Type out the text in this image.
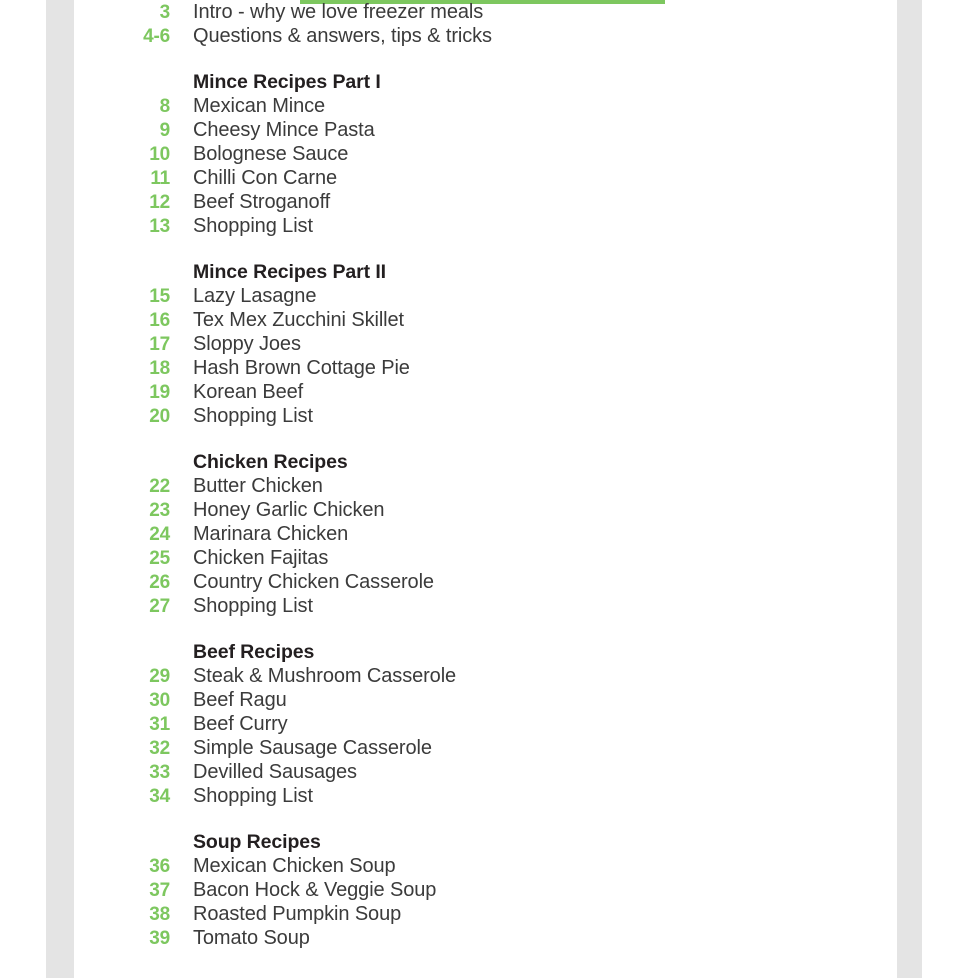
3	Intro - why we love freezer meals
4-6	Questions & answers, tips & tricks
Mince Recipes Part I
8	Mexican Mince
9	Cheesy Mince Pasta
10	Bolognese Sauce
11	Chilli Con Carne
12	Beef Stroganoff
13	Shopping List
Mince Recipes Part II
15	Lazy Lasagne
16	Tex Mex Zucchini Skillet
17	Sloppy Joes
18	Hash Brown Cottage Pie
19	Korean Beef
20	Shopping List
Chicken Recipes
22	Butter Chicken
23	Honey Garlic Chicken
24	Marinara Chicken
25	Chicken Fajitas
26	Country Chicken Casserole
27	Shopping List
Beef Recipes
29	Steak & Mushroom Casserole
30	Beef Ragu
31	Beef Curry
32	Simple Sausage Casserole
33	Devilled Sausages
34	Shopping List
Soup Recipes
36	Mexican Chicken Soup
37	Bacon Hock & Veggie Soup
38	Roasted Pumpkin Soup
39	Tomato Soup
